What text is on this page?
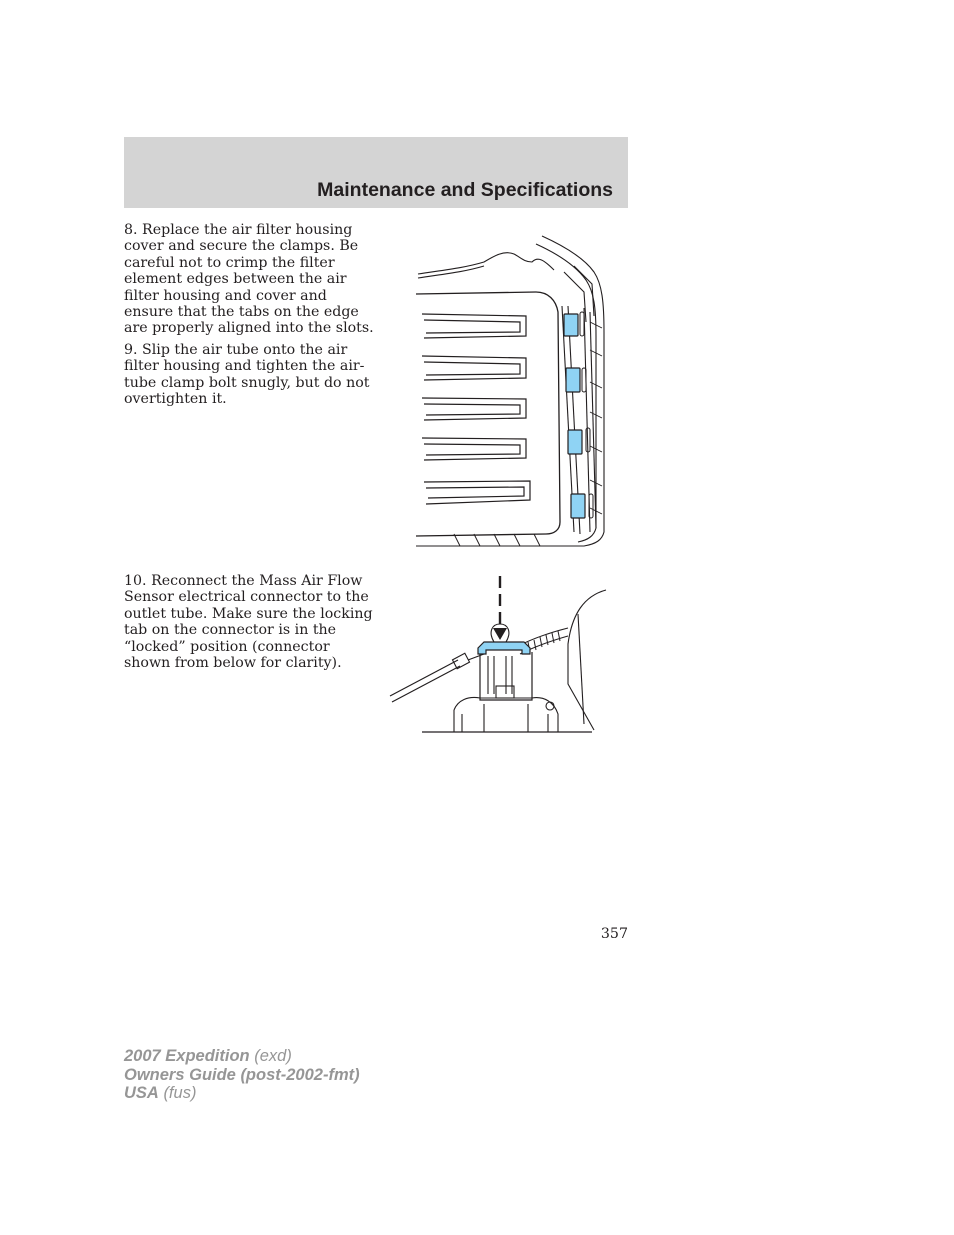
Maintenance and Specifications

8. Replace the air filter housing cover and secure the clamps. Be careful not to crimp the filter element edges between the air filter housing and cover and ensure that the tabs on the edge are properly aligned into the slots.

9. Slip the air tube onto the air filter housing and tighten the air-tube clamp bolt snugly, but do not overtighten it.

10. Reconnect the Mass Air Flow Sensor electrical connector to the outlet tube. Make sure the locking tab on the connector is in the “locked” position (connector shown from below for clarity).

357
2007 Expedition (exd)
Owners Guide (post-2002-fmt)
USA (fus)
